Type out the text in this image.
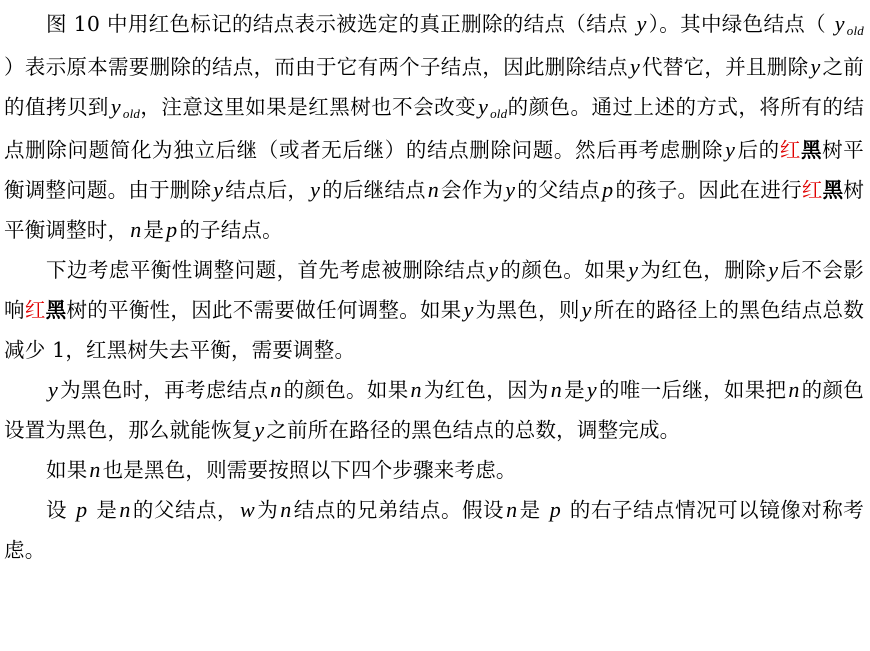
图 10 中用红色标记的结点表示被选定的真正删除的结点（结点 y）。其中绿色结点（ y old ）表示原本需要删除的结点，而由于它有两个子结点，因此删除结点y代替它，并且删除y之前的值拷贝到y old，注意这里如果是红黑树也不会改变y old的颜色。通过上述的方式，将所有的结点删除问题简化为独立后继（或者无后继）的结点删除问题。然后再考虑删除y后的红黑树平衡调整问题。由于删除y结点后，y的后继结点n会作为y的父结点p的孩子。因此在进行红黑树平衡调整时，n是p的子结点。

下边考虑平衡性调整问题，首先考虑被删除结点y的颜色。如果y为红色，删除y后不会影响红黑树的平衡性，因此不需要做任何调整。如果y为黑色，则y所在的路径上的黑色结点总数减少 1，红黑树失去平衡，需要调整。

y为黑色时，再考虑结点n的颜色。如果n为红色，因为n是y的唯一后继，如果把n的颜色设置为黑色，那么就能恢复y之前所在路径的黑色结点的总数，调整完成。

如果n也是黑色，则需要按照以下四个步骤来考虑。

设 p 是n的父结点，w为n结点的兄弟结点。假设n是 p 的右子结点情况可以镜像对称考虑。
